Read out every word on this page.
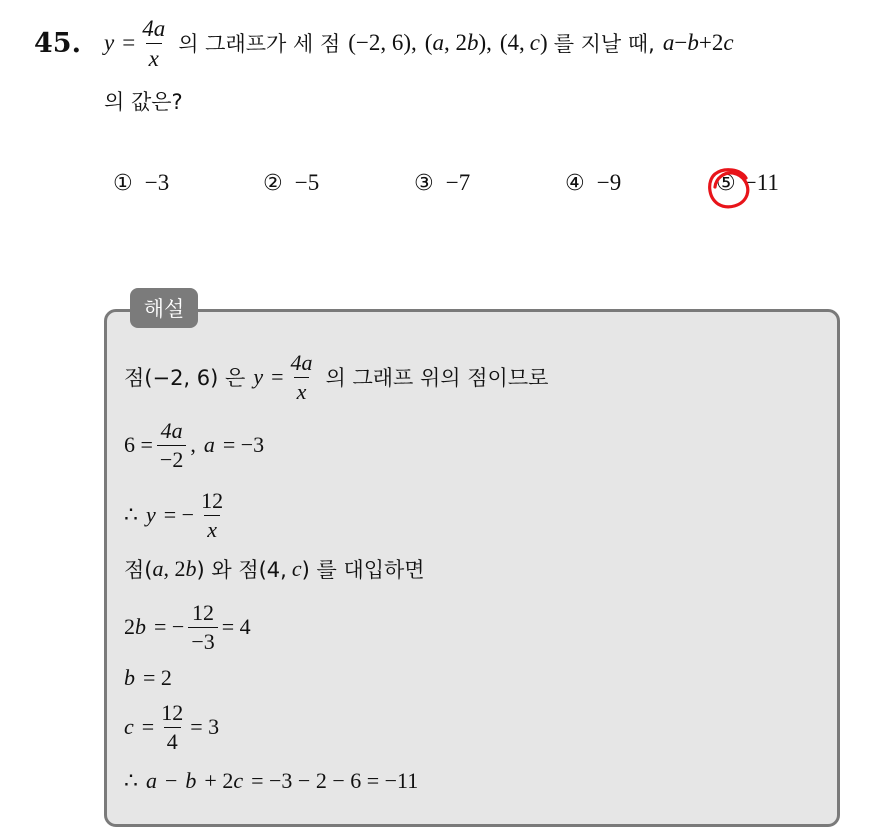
45. $y = \frac{4a}{x}$ 의 그래프가 세 점 (−2, 6), ( a , 2 b ), (4, c ) 를 지날 때, a − b +2 c
의 값은?
① −3	② −5	③ −7	④ −9	⑤ −11
해설
점(−2, 6) 은 $y = \frac{4a}{x}$ 의 그래프 위의 점이므로
$6 = \frac{4a}{-2}$ , a = −3
∴ y = − $\frac{12}{x}$
점( a , 2 b ) 와 점(4, c ) 를 대입하면
2 b = − $\frac{12}{-3} = 4$
b = 2
$c = \frac{12}{4} = 3$
∴ a − b + 2 c = −3 − 2 − 6 = −11
